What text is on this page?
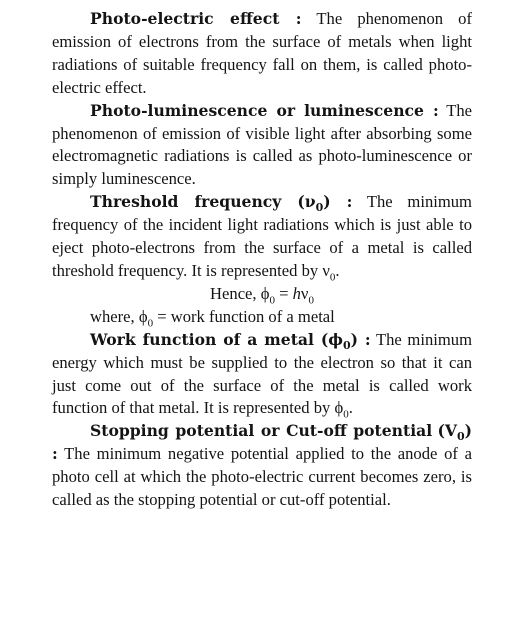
Photo-electric effect : The phenomenon of emission of electrons from the surface of metals when light radiations of suitable frequency fall on them, is called photo-electric effect.

Photo-luminescence or luminescence : The phenomenon of emission of visible light after absorbing some electromagnetic radiations is called as photo-luminescence or simply luminescence.

Threshold frequency $(\nu_0)$ : The minimum frequency of the incident light radiations which is just able to eject photo-electrons from the surface of a metal is called threshold frequency. It is represented by $\nu_0$.

Hence, $\phi_0 = h\nu_0$

where, $\phi_0$ = work function of a metal

Work function of a metal $(\phi_0)$ : The minimum energy which must be supplied to the electron so that it can just come out of the surface of the metal is called work function of that metal. It is represented by $\phi_0$.

Stopping potential or Cut-off potential $(V_0)$ : The minimum negative potential applied to the anode of a photo cell at which the photo-electric current becomes zero, is called as the stopping potential or cut-off potential.
